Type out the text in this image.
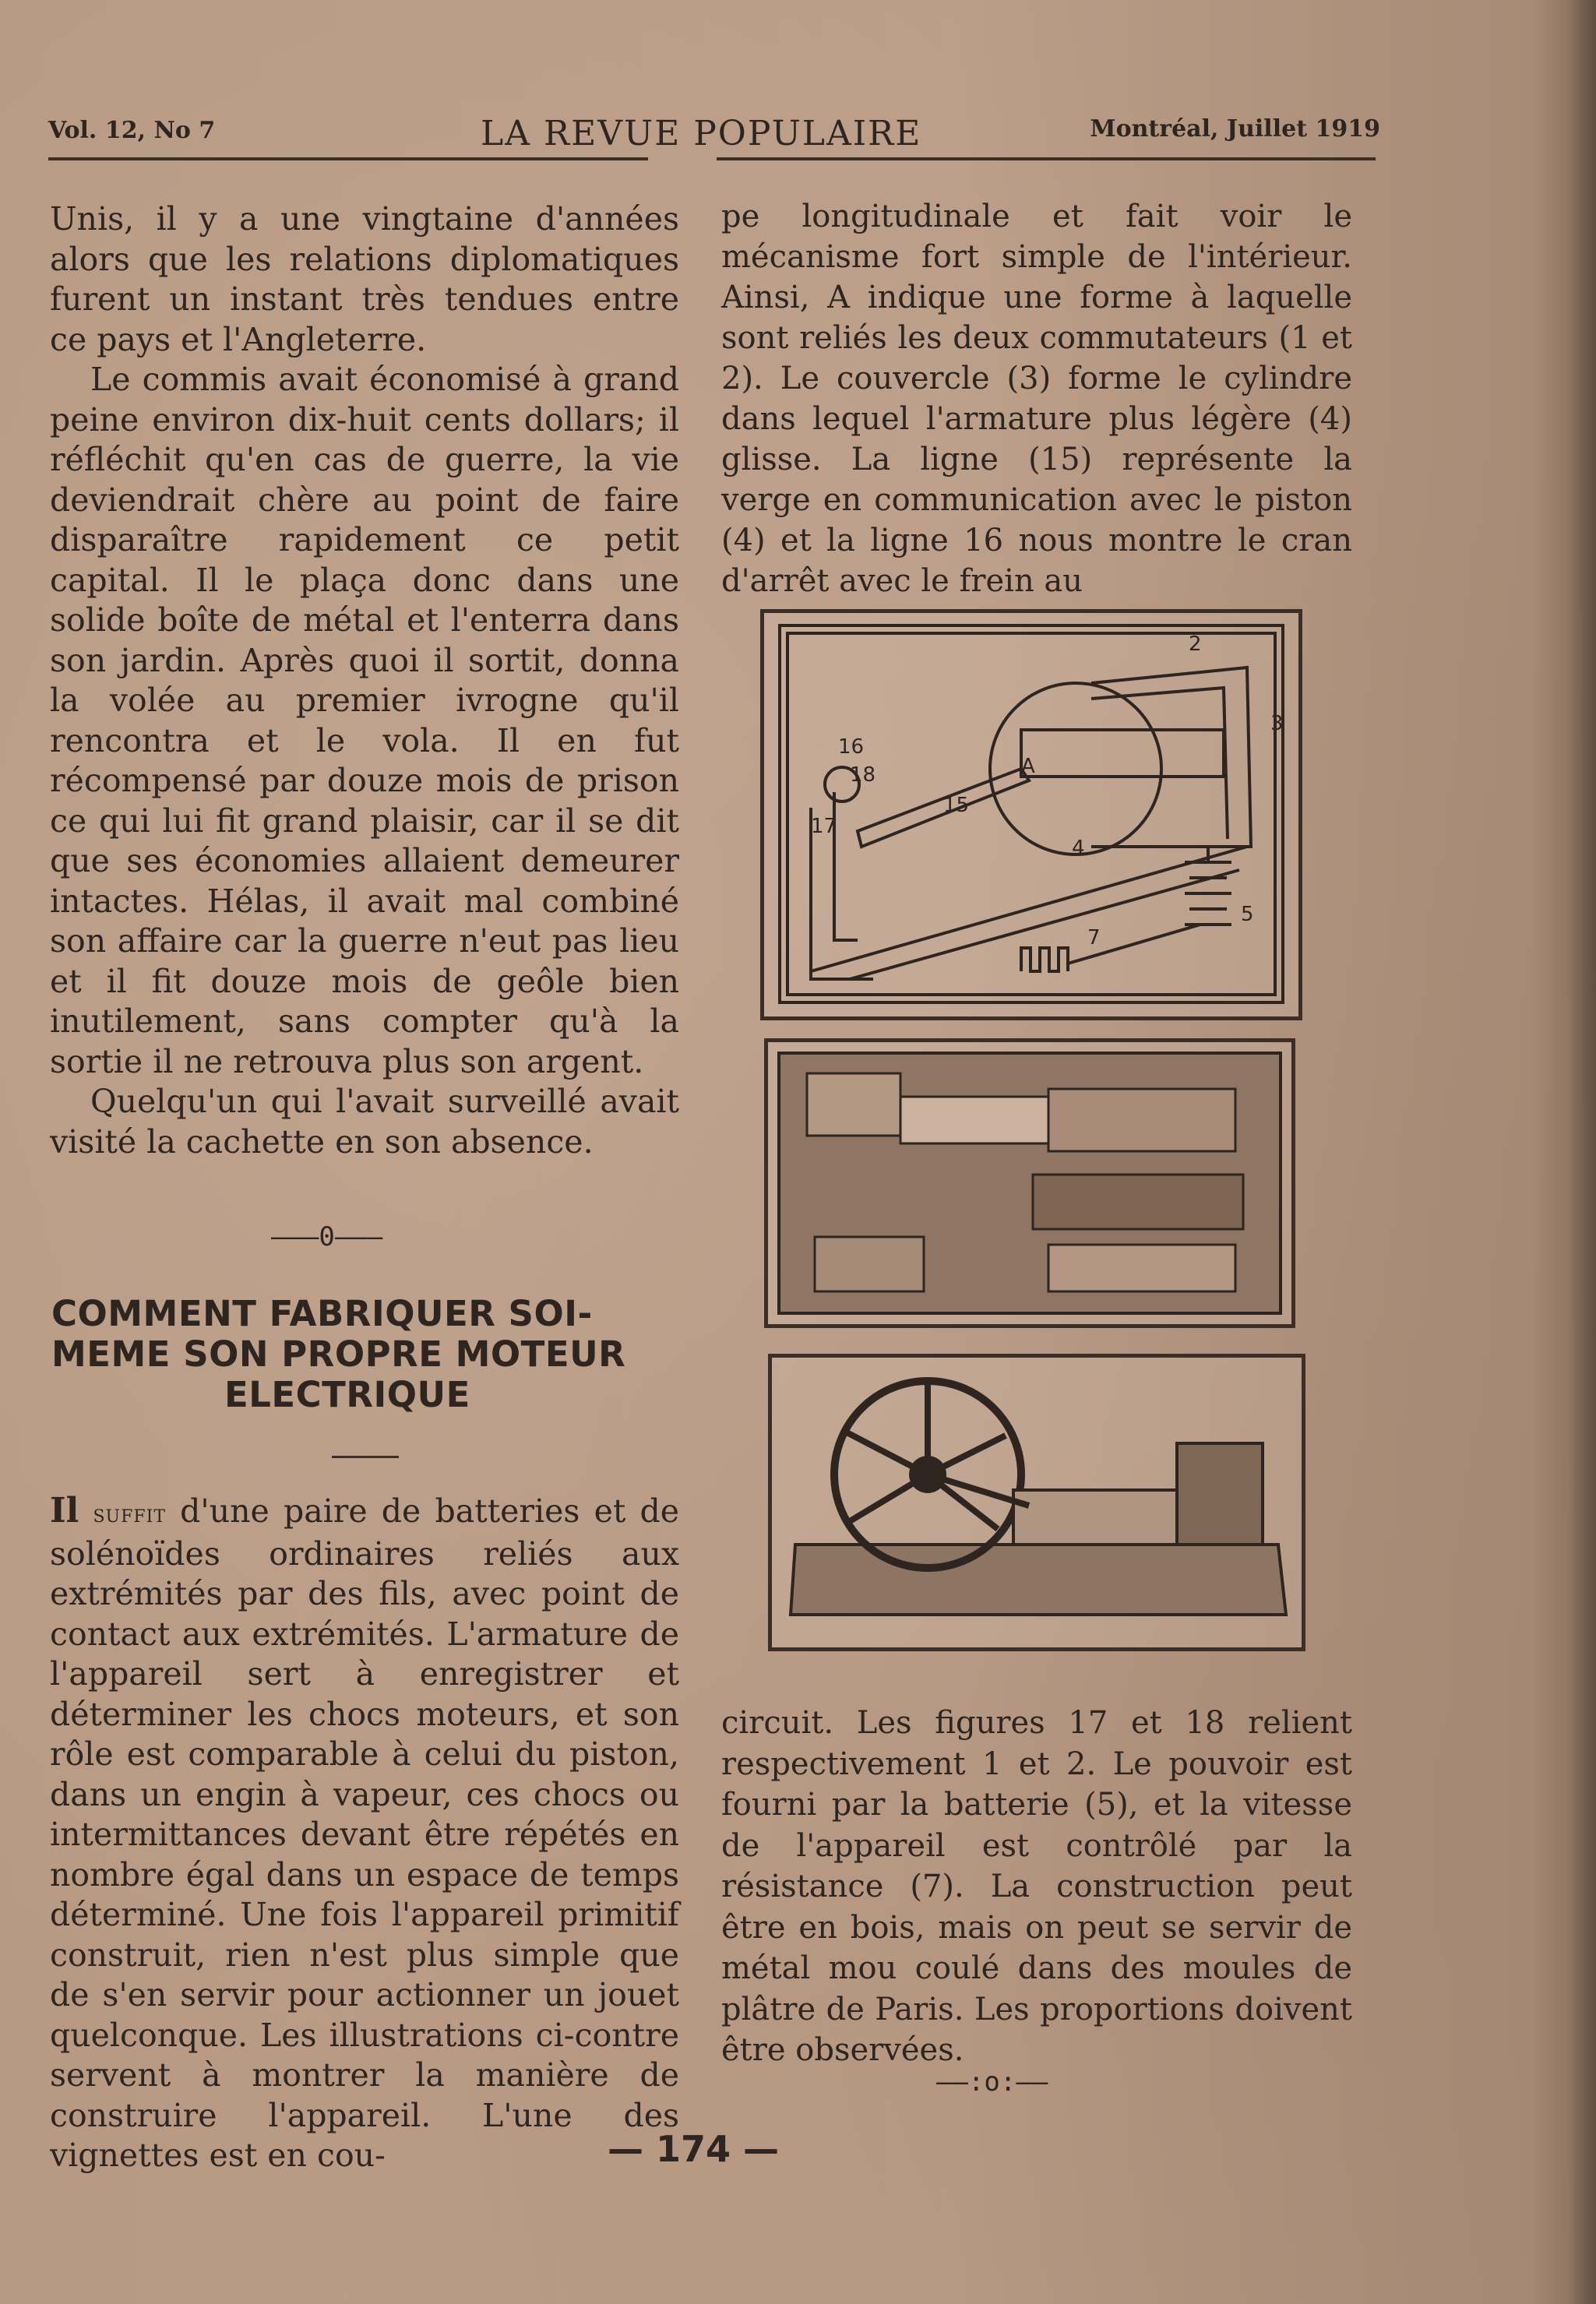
Vol. 12, No 7	LA REVUE POPULAIRE	Montréal, Juillet 1919

Unis, il y a une vingtaine d'années alors que les relations diplomatiques furent un instant très tendues entre ce pays et l'Angleterre.

Le commis avait économisé à grand peine environ dix-huit cents dollars; il réfléchit qu'en cas de guerre, la vie deviendrait chère au point de faire disparaître rapidement ce petit capital. Il le plaça donc dans une solide boîte de métal et l'enterra dans son jardin. Après quoi il sortit, donna la volée au premier ivrogne qu'il rencontra et le vola. Il en fut récompensé par douze mois de prison ce qui lui fit grand plaisir, car il se dit que ses économies allaient demeurer intactes. Hélas, il avait mal combiné son affaire car la guerre n'eut pas lieu et il fit douze mois de geôle bien inutilement, sans compter qu'à la sortie il ne retrouva plus son argent.

Quelqu'un qui l'avait surveillé avait visité la cachette en son absence.

———0———
COMMENT FABRIQUER SOI-
MEME SON PROPRE MOTEUR
ELECTRIQUE

Il suffit d'une paire de batteries et de solénoïdes ordinaires reliés aux extrémités par des fils, avec point de contact aux extrémités. L'armature de l'appareil sert à enregistrer et déterminer les chocs moteurs, et son rôle est comparable à celui du piston, dans un engin à vapeur, ces chocs ou intermittances devant être répétés en nombre égal dans un espace de temps déterminé. Une fois l'appareil primitif construit, rien n'est plus simple que de s'en servir pour actionner un jouet quelconque. Les illustrations ci-contre servent à montrer la manière de construire l'appareil. L'une des vignettes est en cou-

pe longitudinale et fait voir le mécanisme fort simple de l'intérieur. Ainsi, A indique une forme à laquelle sont reliés les deux commutateurs (1 et 2). Le couvercle (3) forme le cylindre dans lequel l'armature plus légère (4) glisse. La ligne (15) représente la verge en communication avec le piston (4) et la ligne 16 nous montre le cran d'arrêt avec le frein au

2
3
A
16
18
15
17
4
5
7

circuit. Les figures 17 et 18 relient respectivement 1 et 2. Le pouvoir est fourni par la batterie (5), et la vitesse de l'appareil est contrôlé par la résistance (7). La construction peut être en bois, mais on peut se servir de métal mou coulé dans des moules de plâtre de Paris. Les proportions doivent être observées.

——:o:——
— 174 —
